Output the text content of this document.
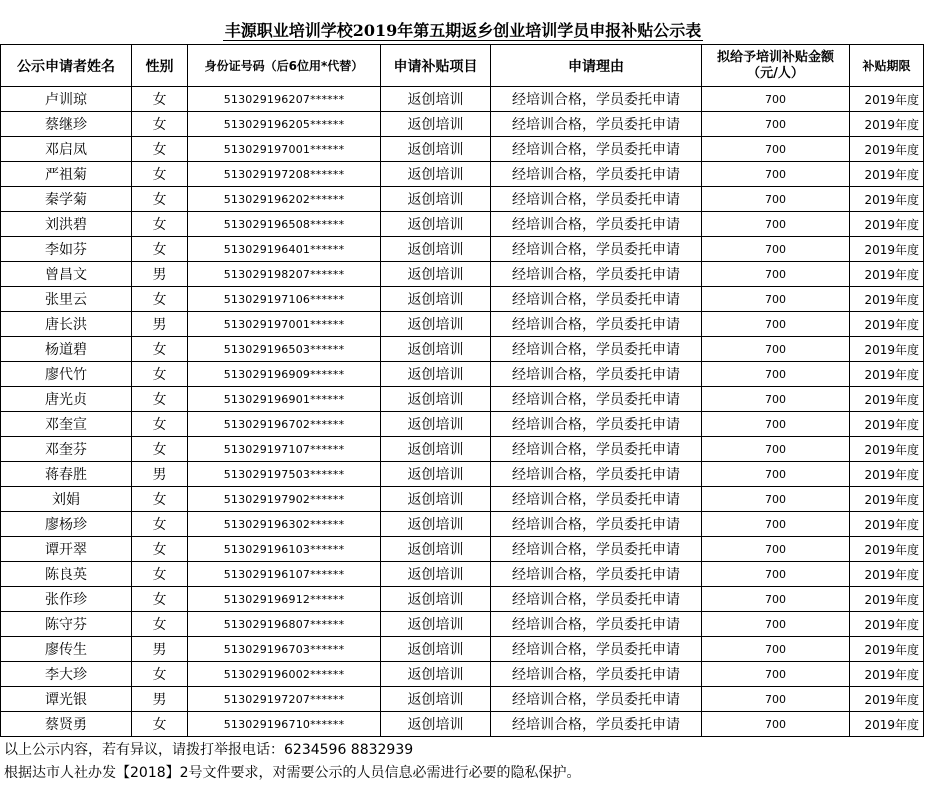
丰源职业培训学校2019年第五期返乡创业培训学员申报补贴公示表
公示申请者姓名	性别	身份证号码（后6位用*代替）	申请补贴项目	申请理由	拟给予培训补贴金额（元/人）	补贴期限
卢训琼	女	513029196207******	返创培训	经培训合格，学员委托申请	700	2019年度
蔡继珍	女	513029196205******	返创培训	经培训合格，学员委托申请	700	2019年度
邓启凤	女	513029197001******	返创培训	经培训合格，学员委托申请	700	2019年度
严祖菊	女	513029197208******	返创培训	经培训合格，学员委托申请	700	2019年度
秦学菊	女	513029196202******	返创培训	经培训合格，学员委托申请	700	2019年度
刘洪碧	女	513029196508******	返创培训	经培训合格，学员委托申请	700	2019年度
李如芬	女	513029196401******	返创培训	经培训合格，学员委托申请	700	2019年度
曾昌文	男	513029198207******	返创培训	经培训合格，学员委托申请	700	2019年度
张里云	女	513029197106******	返创培训	经培训合格，学员委托申请	700	2019年度
唐长洪	男	513029197001******	返创培训	经培训合格，学员委托申请	700	2019年度
杨道碧	女	513029196503******	返创培训	经培训合格，学员委托申请	700	2019年度
廖代竹	女	513029196909******	返创培训	经培训合格，学员委托申请	700	2019年度
唐光贞	女	513029196901******	返创培训	经培训合格，学员委托申请	700	2019年度
邓奎宣	女	513029196702******	返创培训	经培训合格，学员委托申请	700	2019年度
邓奎芬	女	513029197107******	返创培训	经培训合格，学员委托申请	700	2019年度
蒋春胜	男	513029197503******	返创培训	经培训合格，学员委托申请	700	2019年度
刘娟	女	513029197902******	返创培训	经培训合格，学员委托申请	700	2019年度
廖杨珍	女	513029196302******	返创培训	经培训合格，学员委托申请	700	2019年度
谭开翠	女	513029196103******	返创培训	经培训合格，学员委托申请	700	2019年度
陈良英	女	513029196107******	返创培训	经培训合格，学员委托申请	700	2019年度
张作珍	女	513029196912******	返创培训	经培训合格，学员委托申请	700	2019年度
陈守芬	女	513029196807******	返创培训	经培训合格，学员委托申请	700	2019年度
廖传生	男	513029196703******	返创培训	经培训合格，学员委托申请	700	2019年度
李大珍	女	513029196002******	返创培训	经培训合格，学员委托申请	700	2019年度
谭光银	男	513029197207******	返创培训	经培训合格，学员委托申请	700	2019年度
蔡贤勇	女	513029196710******	返创培训	经培训合格，学员委托申请	700	2019年度
以上公示内容，若有异议，请拨打举报电话：6234596 8832939
根据达市人社办发【2018】2号文件要求，对需要公示的人员信息必需进行必要的隐私保护。
